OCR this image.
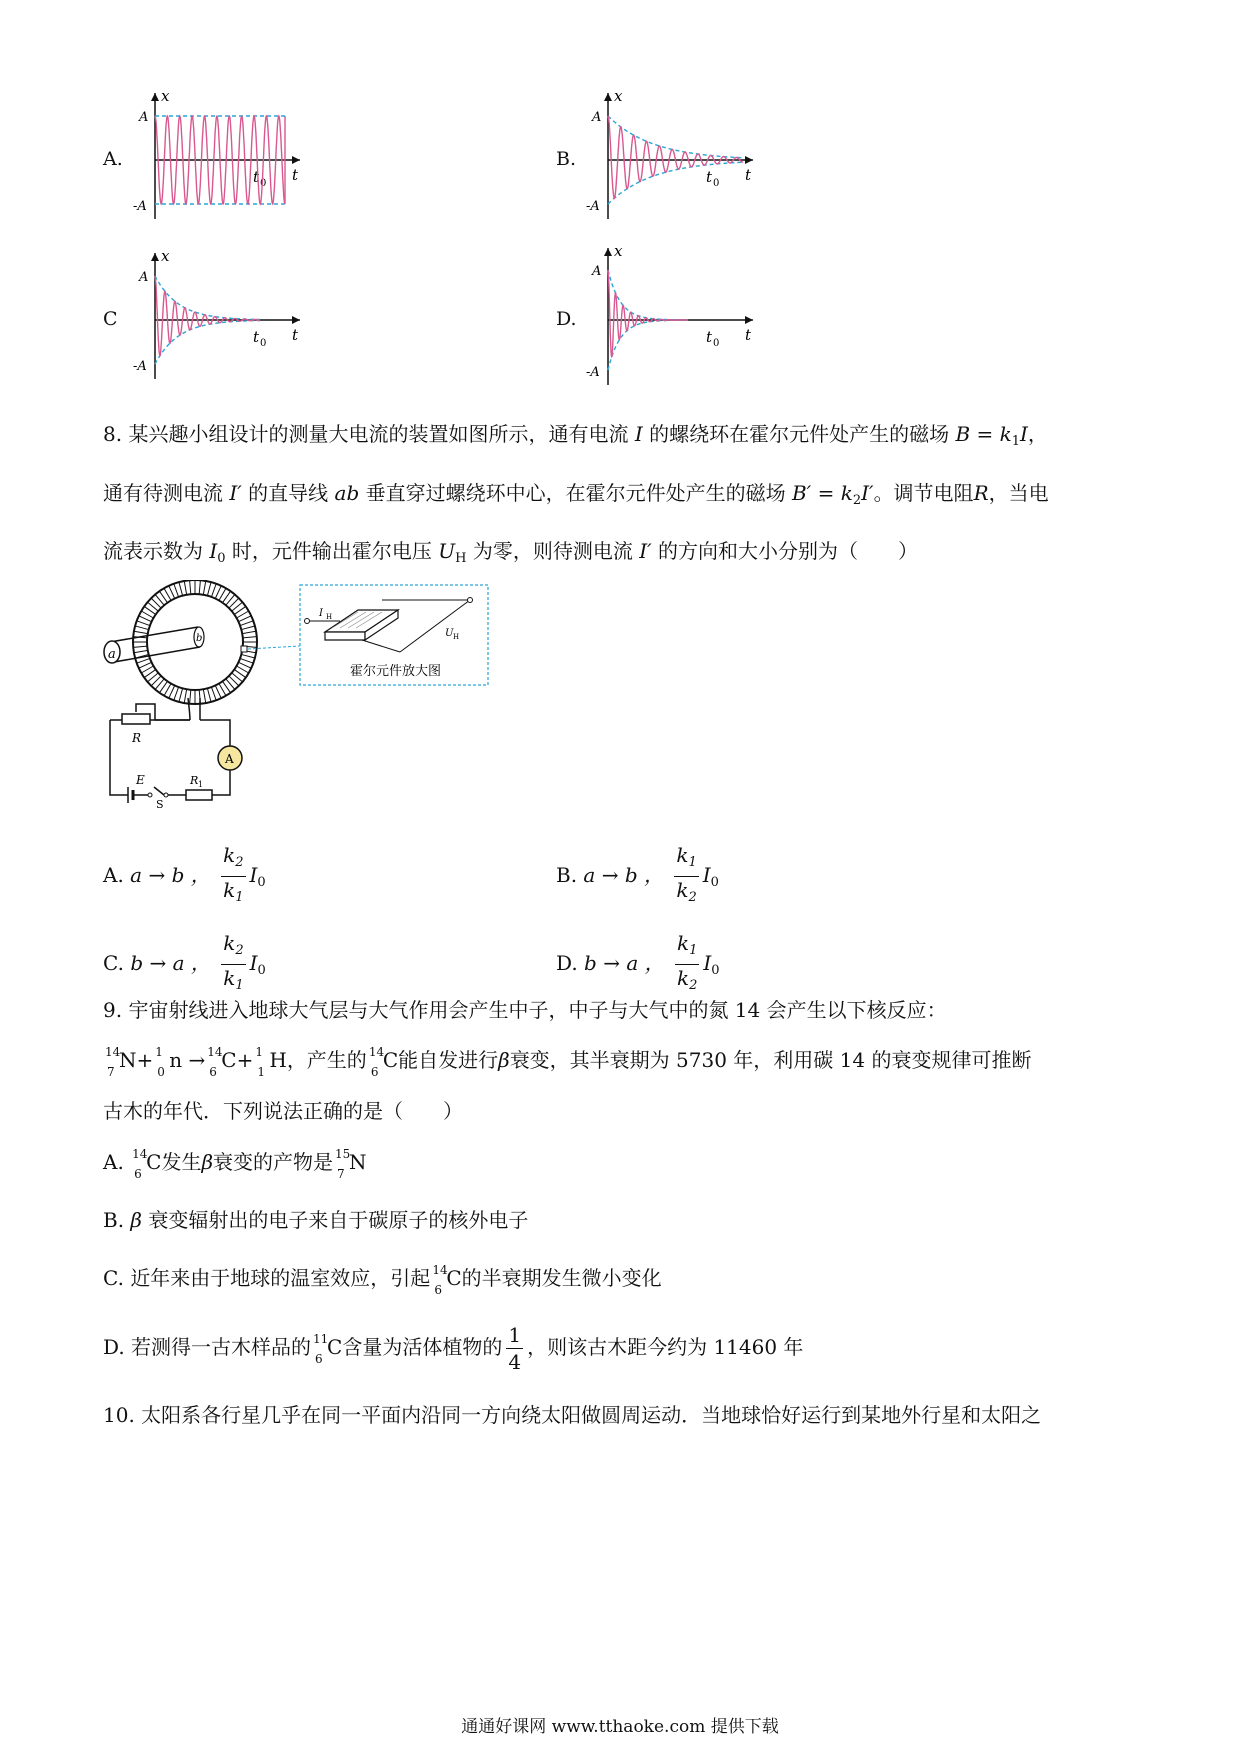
A.	B.
C	D.
x
A
-A
t
t 0
x
A
-A
t
t 0
x
A
-A
t
t 0
x
A
-A
t
t 0
8. 某兴趣小组设计的测量大电流的装置如图所示，通有电流 I 的螺绕环在霍尔元件处产生的磁场 $B = k_1I$，
通有待测电流 I′ 的直导线 ab 垂直穿过螺绕环中心，在霍尔元件处产生的磁场 $B' = k_2I'$。调节电阻R，当电
流表示数为 $I_0$ 时，元件输出霍尔电压 $U_H$ 为零，则待测电流 I′ 的方向和大小分别为（　　）
a
b
I H
U H
霍尔元件放大图
R
A
E
S
R 1
A. a → b ， $\frac{k_2}{k_1} I_0$	B. a → b ， $\frac{k_1}{k_2} I_0$
C. b → a ， $\frac{k_2}{k_1} I_0$	D. b → a ， $\frac{k_1}{k_2} I_0$
9. 宇宙射线进入地球大气层与大气作用会产生中子，中子与大气中的氮 14 会产生以下核反应：
14
7 N+ 1
0 n → 14
6 C+ 1
1 H，产生的 14
6 C能自发进行β衰变，其半衰期为 5730 年，利用碳 14 的衰变规律可推断
古木的年代．下列说法正确的是（　　）
A. 14
6 C发生β衰变的产物是 15
7 N
B. β 衰变辐射出的电子来自于碳原子的核外电子
C. 近年来由于地球的温室效应，引起 14
6 C的半衰期发生微小变化
D. 若测得一古木样品的 11
6 C含量为活体植物的 $\frac{1}{4}$ ，则该古木距今约为 11460 年
10. 太阳系各行星几乎在同一平面内沿同一方向绕太阳做圆周运动．当地球恰好运行到某地外行星和太阳之
通通好课网 www.tthaoke.com 提供下载
